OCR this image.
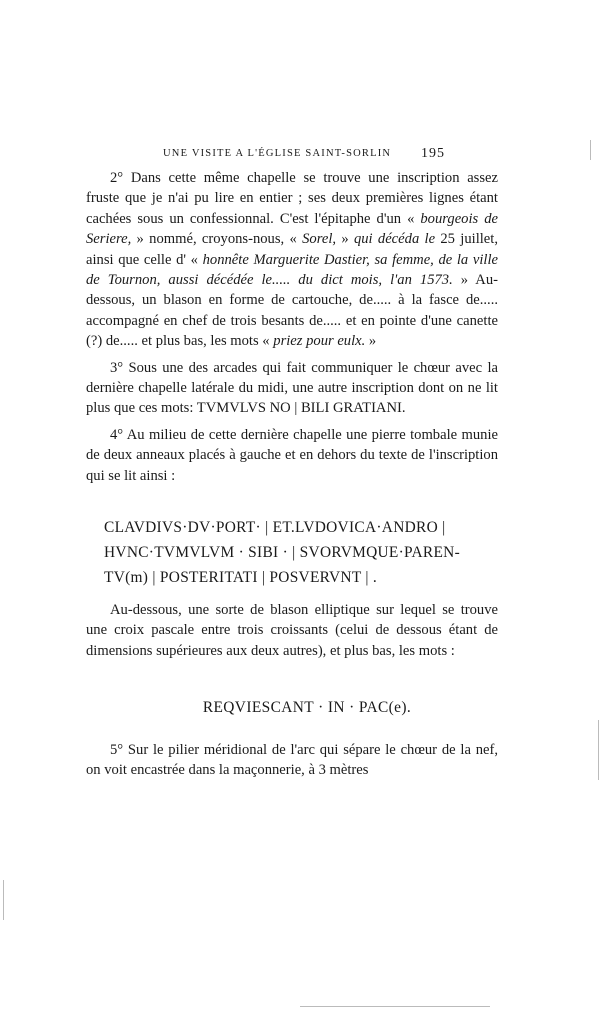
UNE VISITE A L'ÉGLISE SAINT-SORLIN 195

2° Dans cette même chapelle se trouve une inscription assez fruste que je n'ai pu lire en entier ; ses deux premières lignes étant cachées sous un confessionnal. C'est l'épitaphe d'un « bourgeois de Seriere, » nommé, croyons-nous, « Sorel, » qui décéda le 25 juillet, ainsi que celle d' « honnête Marguerite Dastier, sa femme, de la ville de Tournon, aussi décédée le..... du dict mois, l'an 1573. » Au-dessous, un blason en forme de cartouche, de..... à la fasce de..... accompagné en chef de trois besants de..... et en pointe d'une canette (?) de..... et plus bas, les mots « priez pour eulx. »

3° Sous une des arcades qui fait communiquer le chœur avec la dernière chapelle latérale du midi, une autre inscription dont on ne lit plus que ces mots: TVMVLVS NO | BILI GRATIANI.

4° Au milieu de cette dernière chapelle une pierre tombale munie de deux anneaux placés à gauche et en dehors du texte de l'inscription qui se lit ainsi :

CLAVDIVS·DV·PORT· | ET.LVDOVICA·ANDRO |
HVNC·TVMVLVM · SIBI · | SVORVMQUE·PAREN-
TV(m) | POSTERITATI | POSVERVNT | .

Au-dessous, une sorte de blason elliptique sur lequel se trouve une croix pascale entre trois croissants (celui de dessous étant de dimensions supérieures aux deux autres), et plus bas, les mots :

REQVIESCANT · IN · PAC(e).

5° Sur le pilier méridional de l'arc qui sépare le chœur de la nef, on voit encastrée dans la maçonnerie, à 3 mètres
